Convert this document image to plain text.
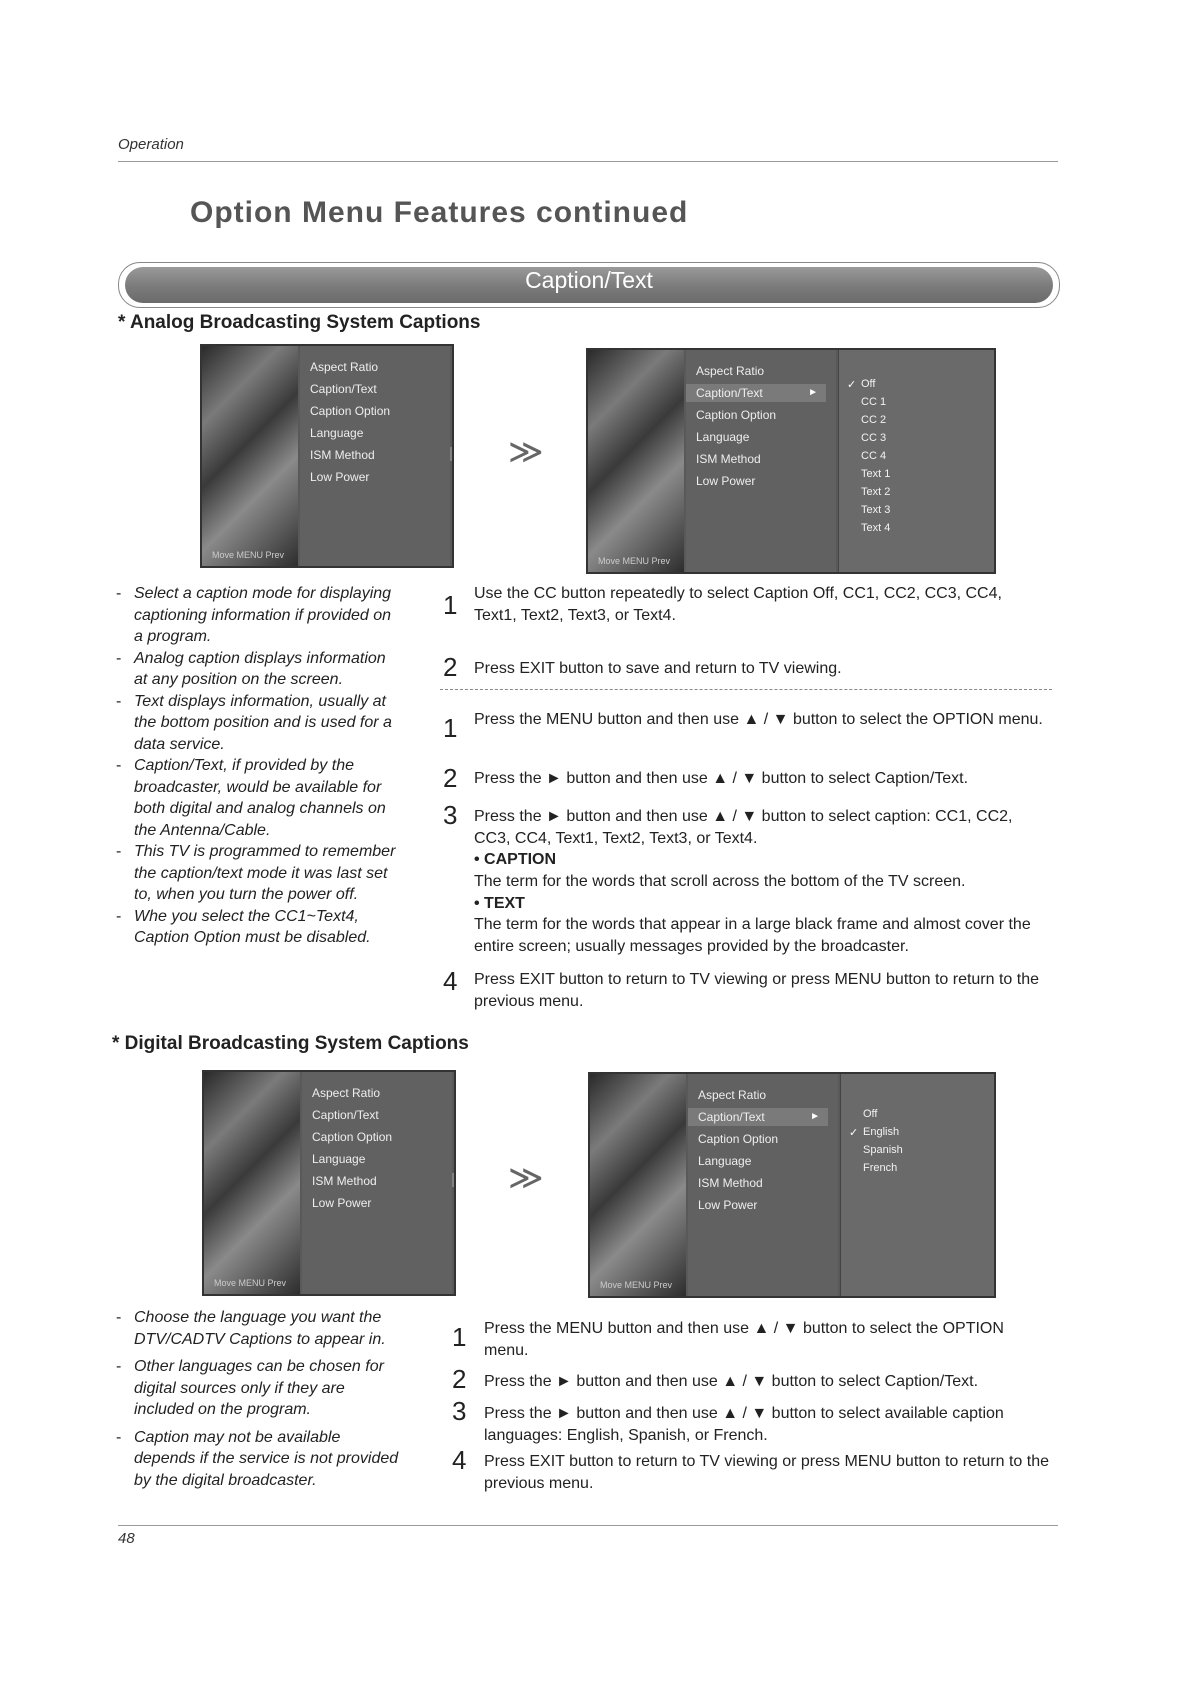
Operation
Option Menu Features continued
Caption/Text
* Analog Broadcasting System Captions
Move MENU Prev
Aspect Ratio
Caption/Text
Caption Option
Language
ISM Method
Low Power
≫
Move MENU Prev
Aspect Ratio
Caption/Text	►
Caption Option
Language
ISM Method
Low Power
✓ Off
CC 1
CC 2
CC 3
CC 4
Text 1
Text 2
Text 3
Text 4
- Select a caption mode for displaying captioning information if provided on a program.
- Analog caption displays information at any position on the screen.
- Text displays information, usually at the bottom position and is used for a data service.
- Caption/Text, if provided by the broadcaster, would be available for both digital and analog channels on the Antenna/Cable.
- This TV is programmed to remember the caption/text mode it was last set to, when you turn the power off.
- Whe you select the CC1~Text4, Caption Option must be disabled.
1 Use the CC button repeatedly to select Caption Off, CC1, CC2, CC3, CC4, Text1, Text2, Text3, or Text4.
2 Press EXIT button to save and return to TV viewing.
1 Press the MENU button and then use ▲ / ▼ button to select the OPTION menu.
2 Press the ► button and then use ▲ / ▼ button to select Caption/Text.
3 Press the ► button and then use ▲ / ▼ button to select caption: CC1, CC2, CC3, CC4, Text1, Text2, Text3, or Text4.
• CAPTION
The term for the words that scroll across the bottom of the TV screen.
• TEXT
The term for the words that appear in a large black frame and almost cover the entire screen; usually messages provided by the broadcaster.
4 Press EXIT button to return to TV viewing or press MENU button to return to the previous menu.
* Digital Broadcasting System Captions
Move MENU Prev
Aspect Ratio
Caption/Text
Caption Option
Language
ISM Method
Low Power
≫
Move MENU Prev
Aspect Ratio
Caption/Text	►
Caption Option
Language
ISM Method
Low Power
Off
✓ English
Spanish
French
- Choose the language you want the DTV/CADTV Captions to appear in.
- Other languages can be chosen for digital sources only if they are included on the program.
- Caption may not be available depends if the service is not provided by the digital broadcaster.
1 Press the MENU button and then use ▲ / ▼ button to select the OPTION menu.
2 Press the ► button and then use ▲ / ▼ button to select Caption/Text.
3 Press the ► button and then use ▲ / ▼ button to select available caption languages: English, Spanish, or French.
4 Press EXIT button to return to TV viewing or press MENU button to return to the previous menu.
48
